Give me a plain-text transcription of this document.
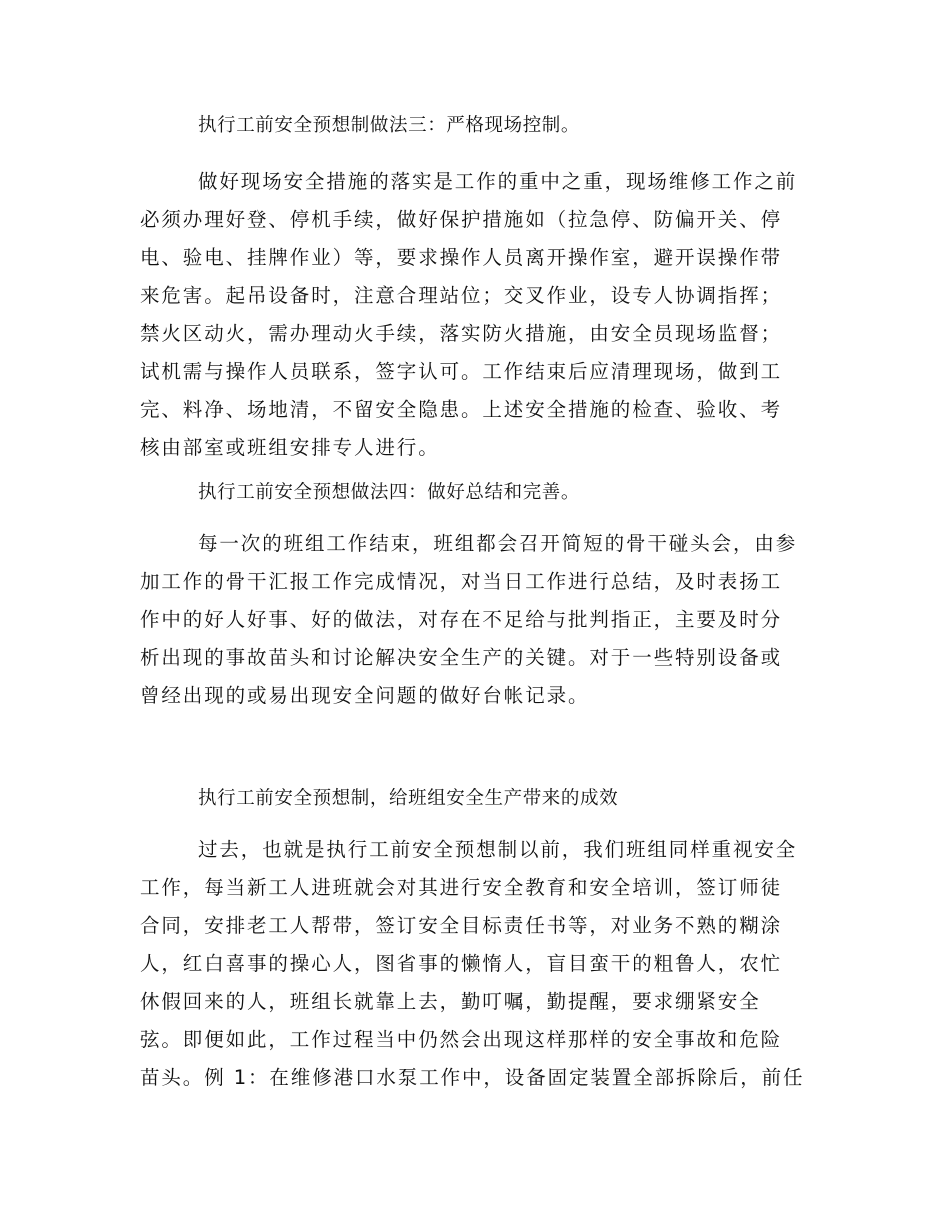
执行工前安全预想制做法三：严格现场控制。
做好现场安全措施的落实是工作的重中之重，现场维修工作之前
必须办理好登、停机手续，做好保护措施如（拉急停、防偏开关、停
电、验电、挂牌作业）等，要求操作人员离开操作室，避开误操作带
来危害。起吊设备时，注意合理站位；交叉作业，设专人协调指挥；
禁火区动火，需办理动火手续，落实防火措施，由安全员现场监督；
试机需与操作人员联系，签字认可。工作结束后应清理现场，做到工
完、料净、场地清，不留安全隐患。上述安全措施的检查、验收、考
核由部室或班组安排专人进行。
执行工前安全预想做法四：做好总结和完善。
每一次的班组工作结束，班组都会召开简短的骨干碰头会，由参
加工作的骨干汇报工作完成情况，对当日工作进行总结，及时表扬工
作中的好人好事、好的做法，对存在不足给与批判指正，主要及时分
析出现的事故苗头和讨论解决安全生产的关键。对于一些特别设备或
曾经出现的或易出现安全问题的做好台帐记录。
执行工前安全预想制，给班组安全生产带来的成效
过去，也就是执行工前安全预想制以前，我们班组同样重视安全
工作，每当新工人进班就会对其进行安全教育和安全培训，签订师徒
合同，安排老工人帮带，签订安全目标责任书等，对业务不熟的糊涂
人，红白喜事的操心人，图省事的懒惰人，盲目蛮干的粗鲁人，农忙
休假回来的人，班组长就靠上去，勤叮嘱，勤提醒，要求绷紧安全
弦。即便如此，工作过程当中仍然会出现这样那样的安全事故和危险
苗头。例 1：在维修港口水泵工作中，设备固定装置全部拆除后，前任
